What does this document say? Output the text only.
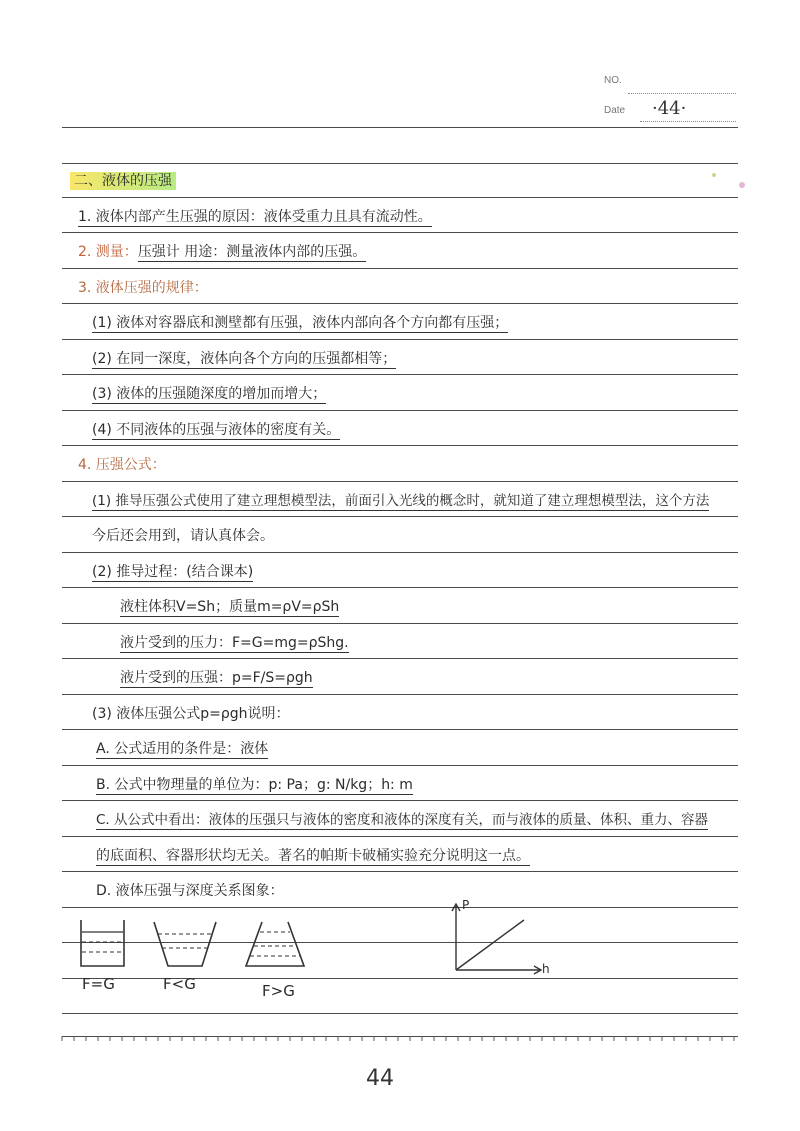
NO.
Date ·44·
二、液体的压强
1. 液体内部产生压强的原因：液体受重力且具有流动性。
2. 测量：压强计 用途：测量液体内部的压强。
3. 液体压强的规律：
(1) 液体对容器底和测壁都有压强，液体内部向各个方向都有压强；
(2) 在同一深度，液体向各个方向的压强都相等；
(3) 液体的压强随深度的增加而增大；
(4) 不同液体的压强与液体的密度有关。
4. 压强公式：
(1) 推导压强公式使用了建立理想模型法，前面引入光线的概念时，就知道了建立理想模型法，这个方法
今后还会用到，请认真体会。
(2) 推导过程：(结合课本)
液柱体积V=Sh；质量m=ρV=ρSh
液片受到的压力：F=G=mg=ρShg.
液片受到的压强：p=F/S=ρgh
(3) 液体压强公式p=ρgh说明：
A. 公式适用的条件是：液体
B. 公式中物理量的单位为：p: Pa；g: N/kg；h: m
C. 从公式中看出：液体的压强只与液体的密度和液体的深度有关，而与液体的质量、体积、重力、容器
的底面积、容器形状均无关。著名的帕斯卡破桶实验充分说明这一点。
D. 液体压强与深度关系图象：
F=G	F<G	F>G
P
h
44
